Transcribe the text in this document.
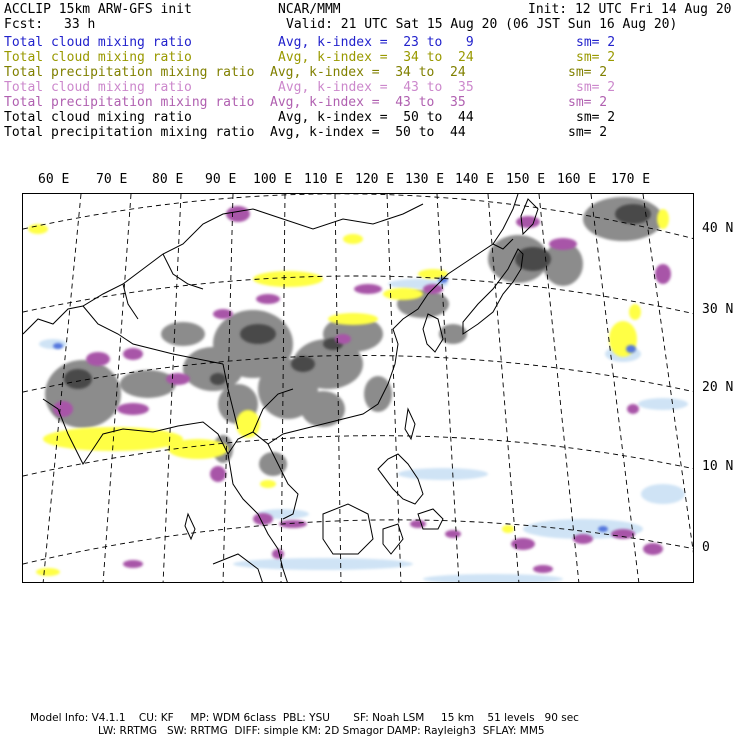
ACCLIP 15km ARW-GFS init	NCAR/MMM	Init: 12 UTC Fri 14 Aug 20
Fcst: 33 h	Valid: 21 UTC Sat 15 Aug 20 (06 JST Sun 16 Aug 20)
Total cloud mixing ratio	Avg, k-index =  23 to   9	sm= 2
Total cloud mixing ratio	Avg, k-index =  34 to  24	sm= 2
Total precipitation mixing ratio Avg, k-index =  34 to  24	sm= 2
Total cloud mixing ratio	Avg, k-index =  43 to  35	sm= 2
Total precipitation mixing ratio Avg, k-index =  43 to  35	sm= 2
Total cloud mixing ratio	Avg, k-index =  50 to  44	sm= 2
Total precipitation mixing ratio Avg, k-index =  50 to  44	sm= 2
60 E 70 E 80 E 90 E 100 E 110 E 120 E 130 E 140 E 150 E 160 E 170 E
40 N
30 N
20 N
10 N
0
Model Info: V4.1.1    CU: KF     MP: WDM 6class  PBL: YSU       SF: Noah LSM     15 km    51 levels   90 sec
LW: RRTMG   SW: RRTMG  DIFF: simple KM: 2D Smagor DAMP: Rayleigh3  SFLAY: MM5
